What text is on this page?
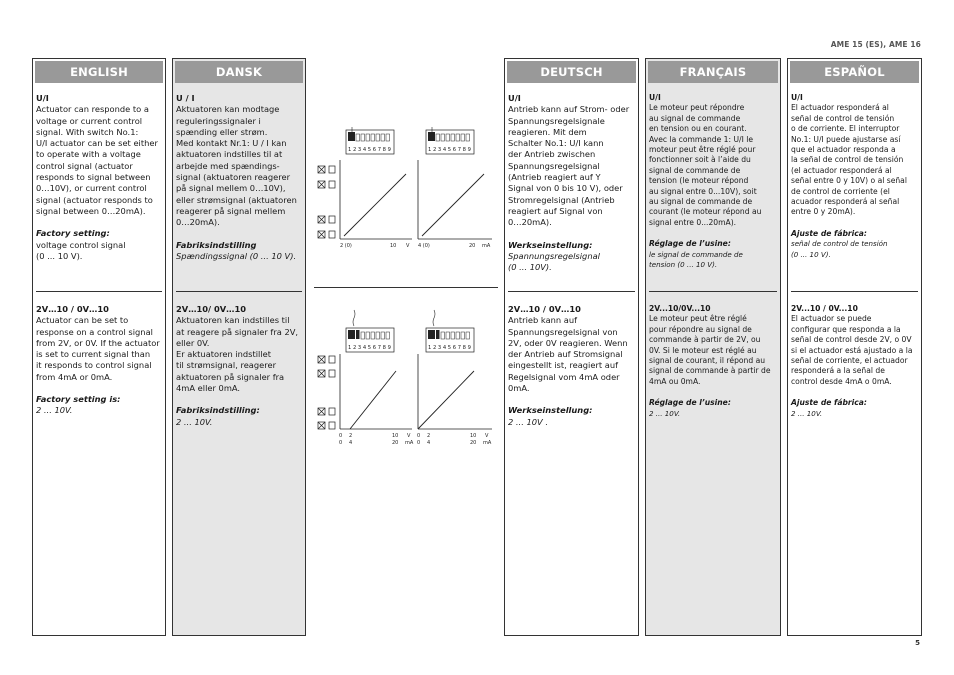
AME 15 (ES), AME 16
ENGLISH
U/I
Actuator can responde to a
voltage or current control
signal. With switch No.1:
U/I actuator can be set either
to operate with a voltage
control signal (actuator
responds to signal between
0…10V), or current control
signal (actuator responds to
signal between 0…20mA).
Factory setting:
voltage control signal
(0 ... 10 V).
2V…10 / 0V…10
Actuator can be set to
response on a control signal
from 2V, or 0V. If the actuator
is set to current signal than
it responds to control signal
from 4mA or 0mA.
Factory setting is:
2 ... 10V.
DANSK
U / I
Aktuatoren kan modtage
reguleringssignaler i
spænding eller strøm.
Med kontakt Nr.1: U / I kan
aktuatoren indstilles til at
arbejde med spændings-
signal (aktuatoren reagerer
på signal mellem 0…10V),
eller strømsignal (aktuatoren
reagerer på signal mellem
0…20mA).
Fabriksindstilling
Spændingssignal (0 ... 10 V).
2V…10/ 0V…10
Aktuatoren kan indstilles til
at reagere på signaler fra 2V,
eller 0V.
Er aktuatoren indstillet
til strømsignal, reagerer
aktuatoren på signaler fra
4mA eller 0mA.
Fabriksindstilling:
2 ... 10V.
DEUTSCH
U/I
Antrieb kann auf Strom- oder
Spannungsregelsignale
reagieren. Mit dem
Schalter No.1: U/I kann
der Antrieb zwischen
Spannungsregelsignal
(Antrieb reagiert auf Y
Signal von 0 bis 10 V), oder
Stromregelsignal (Antrieb
reagiert auf Signal von
0…20mA).
Werkseinstellung:
Spannungsregelsignal
(0 ... 10V).
2V…10 / 0V…10
Antrieb kann auf
Spannungsregelsignal von
2V, oder 0V reagieren. Wenn
der Antrieb auf Stromsignal
eingestellt ist, reagiert auf
Regelsignal vom 4mA oder
0mA.
Werkseinstellung:
2 ... 10V .
FRANÇAIS
U/I
Le moteur peut répondre
au signal de commande
en tension ou en courant.
Avec la commande 1: U/I le
moteur peut être réglé pour
fonctionner soit à l’aide du
signal de commande de
tension (le moteur répond
au signal entre 0...10V), soit
au signal de commande de
courant (le moteur répond au
signal entre 0...20mA).
Réglage de l’usine:
le signal de commande de
tension (0 ... 10 V).
2V...10/0V...10
Le moteur peut être réglé
pour répondre au signal de
commande à partir de 2V, ou
0V. Si le moteur est réglé au
signal de courant, il répond au
signal de commande à partir de
4mA ou 0mA.
Réglage de l’usine:
2 ... 10V.
ESPAÑOL
U/I
El actuador responderá al
señal de control de tensión
o de corriente. El interruptor
No.1: U/I puede ajustarse así
que el actuador responda a
la señal de control de tensión
(el actuador responderá al
señal entre 0 y 10V) o al señal
de control de corriente (el
acuador responderá al señal
entre 0 y 20mA).
Ajuste de fábrica:
señal de control de tensión
(0 ... 10 V).
2V...10 / 0V...10
El actuador se puede
configurar que responda a la
señal de control desde 2V, o 0V
si el actuador está ajustado a la
señal de corriente, el actuador
responderá a la señal de
control desde 4mA o 0mA.
Ajuste de fábrica:
2 ... 10V.
1 2 3 4 5 6 7 8 9	1 2 3 4 5 6 7 8 9
2 (0)	10 V 4 (0)	20 mA
1 2 3 4 5 6 7 8 9	1 2 3 4 5 6 7 8 9
0 2	10 V
0 4	20 mA
0 2	10 V
0 4	20 mA
5
